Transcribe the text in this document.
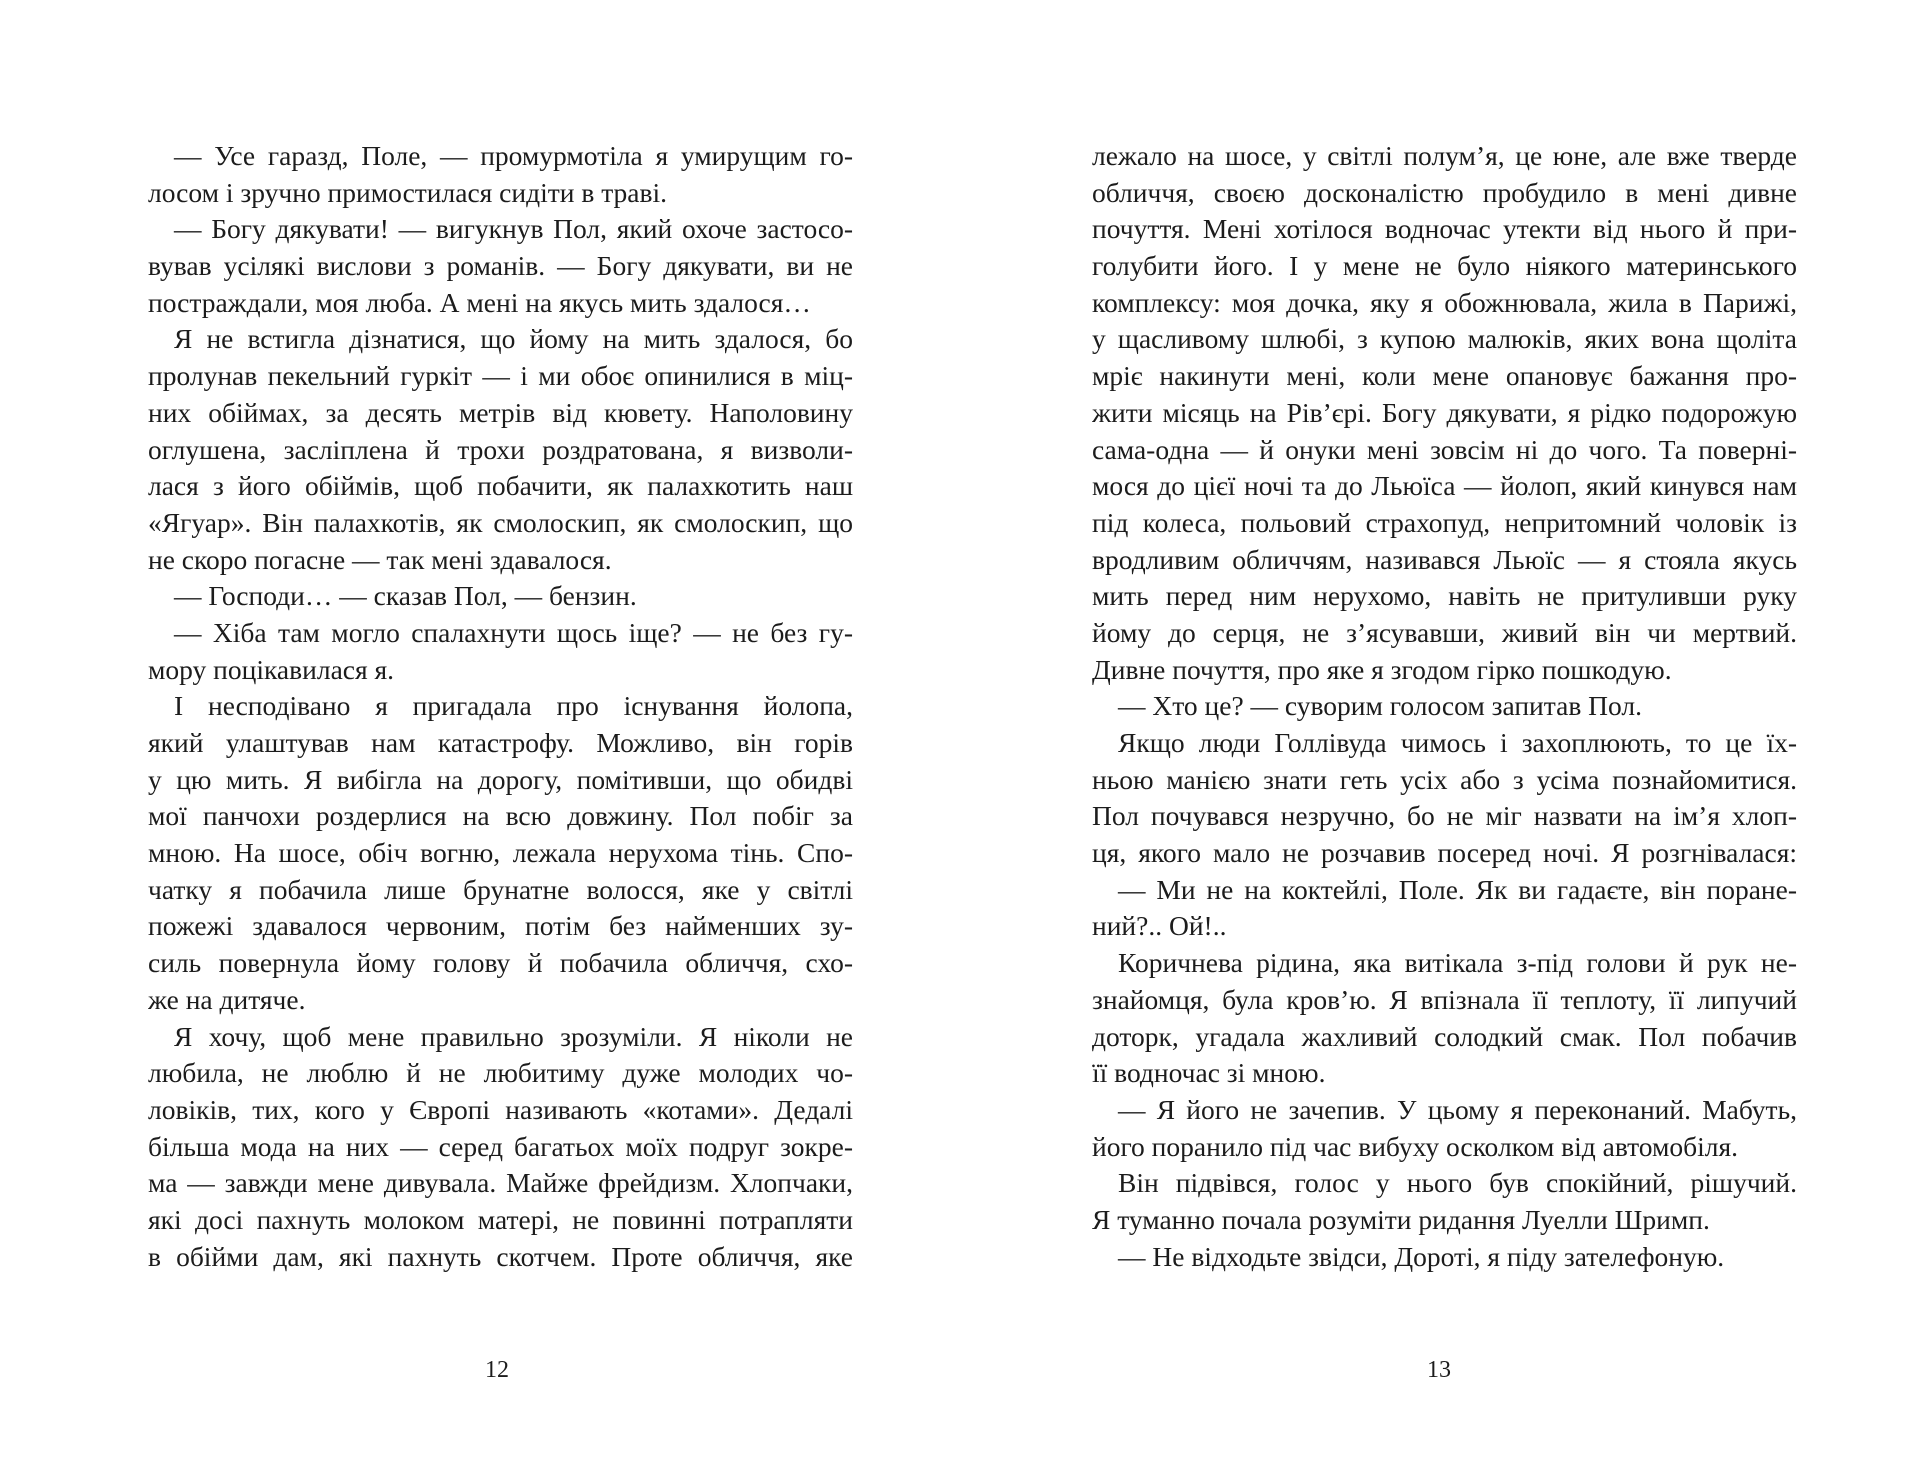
— Усе гаразд, Поле, — промурмотіла я умирущим го-
лосом і зручно примостилася сидіти в траві.
— Богу дякувати! — вигукнув Пол, який охоче застосо-
вував усілякі вислови з романів. — Богу дякувати, ви не
постраждали, моя люба. А мені на якусь мить здалося…
Я не встигла дізнатися, що йому на мить здалося, бо
пролунав пекельний гуркіт — і ми обоє опинилися в міц-
них обіймах, за десять метрів від кювету. Наполовину
оглушена, засліплена й трохи роздратована, я визволи-
лася з його обіймів, щоб побачити, як палахкотить наш
«Ягуар». Він палахкотів, як смолоскип, як смолоскип, що
не скоро погасне — так мені здавалося.
— Господи… — сказав Пол, — бензин.
— Хіба там могло спалахнути щось іще? — не без гу-
мору поцікавилася я.
І несподівано я пригадала про існування йолопа,
який улаштував нам катастрофу. Можливо, він горів
у цю мить. Я вибігла на дорогу, помітивши, що обидві
мої панчохи роздерлися на всю довжину. Пол побіг за
мною. На шосе, обіч вогню, лежала нерухома тінь. Спо-
чатку я побачила лише брунатне волосся, яке у світлі
пожежі здавалося червоним, потім без найменших зу-
силь повернула йому голову й побачила обличчя, схо-
же на дитяче.
Я хочу, щоб мене правильно зрозуміли. Я ніколи не
любила, не люблю й не любитиму дуже молодих чо-
ловіків, тих, кого у Європі називають «котами». Дедалі
більша мода на них — серед багатьох моїх подруг зокре-
ма — завжди мене дивувала. Майже фрейдизм. Хлопчаки,
які досі пахнуть молоком матері, не повинні потрапляти
в обійми дам, які пахнуть скотчем. Проте обличчя, яке
12
лежало на шосе, у світлі полум’я, це юне, але вже тверде
обличчя, своєю досконалістю пробудило в мені дивне
почуття. Мені хотілося водночас утекти від нього й при-
голубити його. І у мене не було ніякого материнського
комплексу: моя дочка, яку я обожнювала, жила в Парижі,
у щасливому шлюбі, з купою малюків, яких вона щоліта
мріє накинути мені, коли мене опановує бажання про-
жити місяць на Рів’єрі. Богу дякувати, я рідко подорожую
сама-одна — й онуки мені зовсім ні до чого. Та поверні-
мося до цієї ночі та до Льюїса — йолоп, який кинувся нам
під колеса, польовий страхопуд, непритомний чоловік із
вродливим обличчям, називався Льюїс — я стояла якусь
мить перед ним нерухомо, навіть не притуливши руку
йому до серця, не з’ясувавши, живий він чи мертвий.
Дивне почуття, про яке я згодом гірко пошкодую.
— Хто це? — суворим голосом запитав Пол.
Якщо люди Голлівуда чимось і захоплюють, то це їх-
ньою манією знати геть усіх або з усіма познайомитися.
Пол почувався незручно, бо не міг назвати на ім’я хлоп-
ця, якого мало не розчавив посеред ночі. Я розгнівалася:
— Ми не на коктейлі, Поле. Як ви гадаєте, він поране-
ний?.. Ой!..
Коричнева рідина, яка витікала з-під голови й рук не-
знайомця, була кров’ю. Я впізнала її теплоту, її липучий
доторк, угадала жахливий солодкий смак. Пол побачив
її водночас зі мною.
— Я його не зачепив. У цьому я переконаний. Мабуть,
його поранило під час вибуху осколком від автомобіля.
Він підвівся, голос у нього був спокійний, рішучий.
Я туманно почала розуміти ридання Луелли Шримп.
— Не відходьте звідси, Дороті, я піду зателефоную.
13
